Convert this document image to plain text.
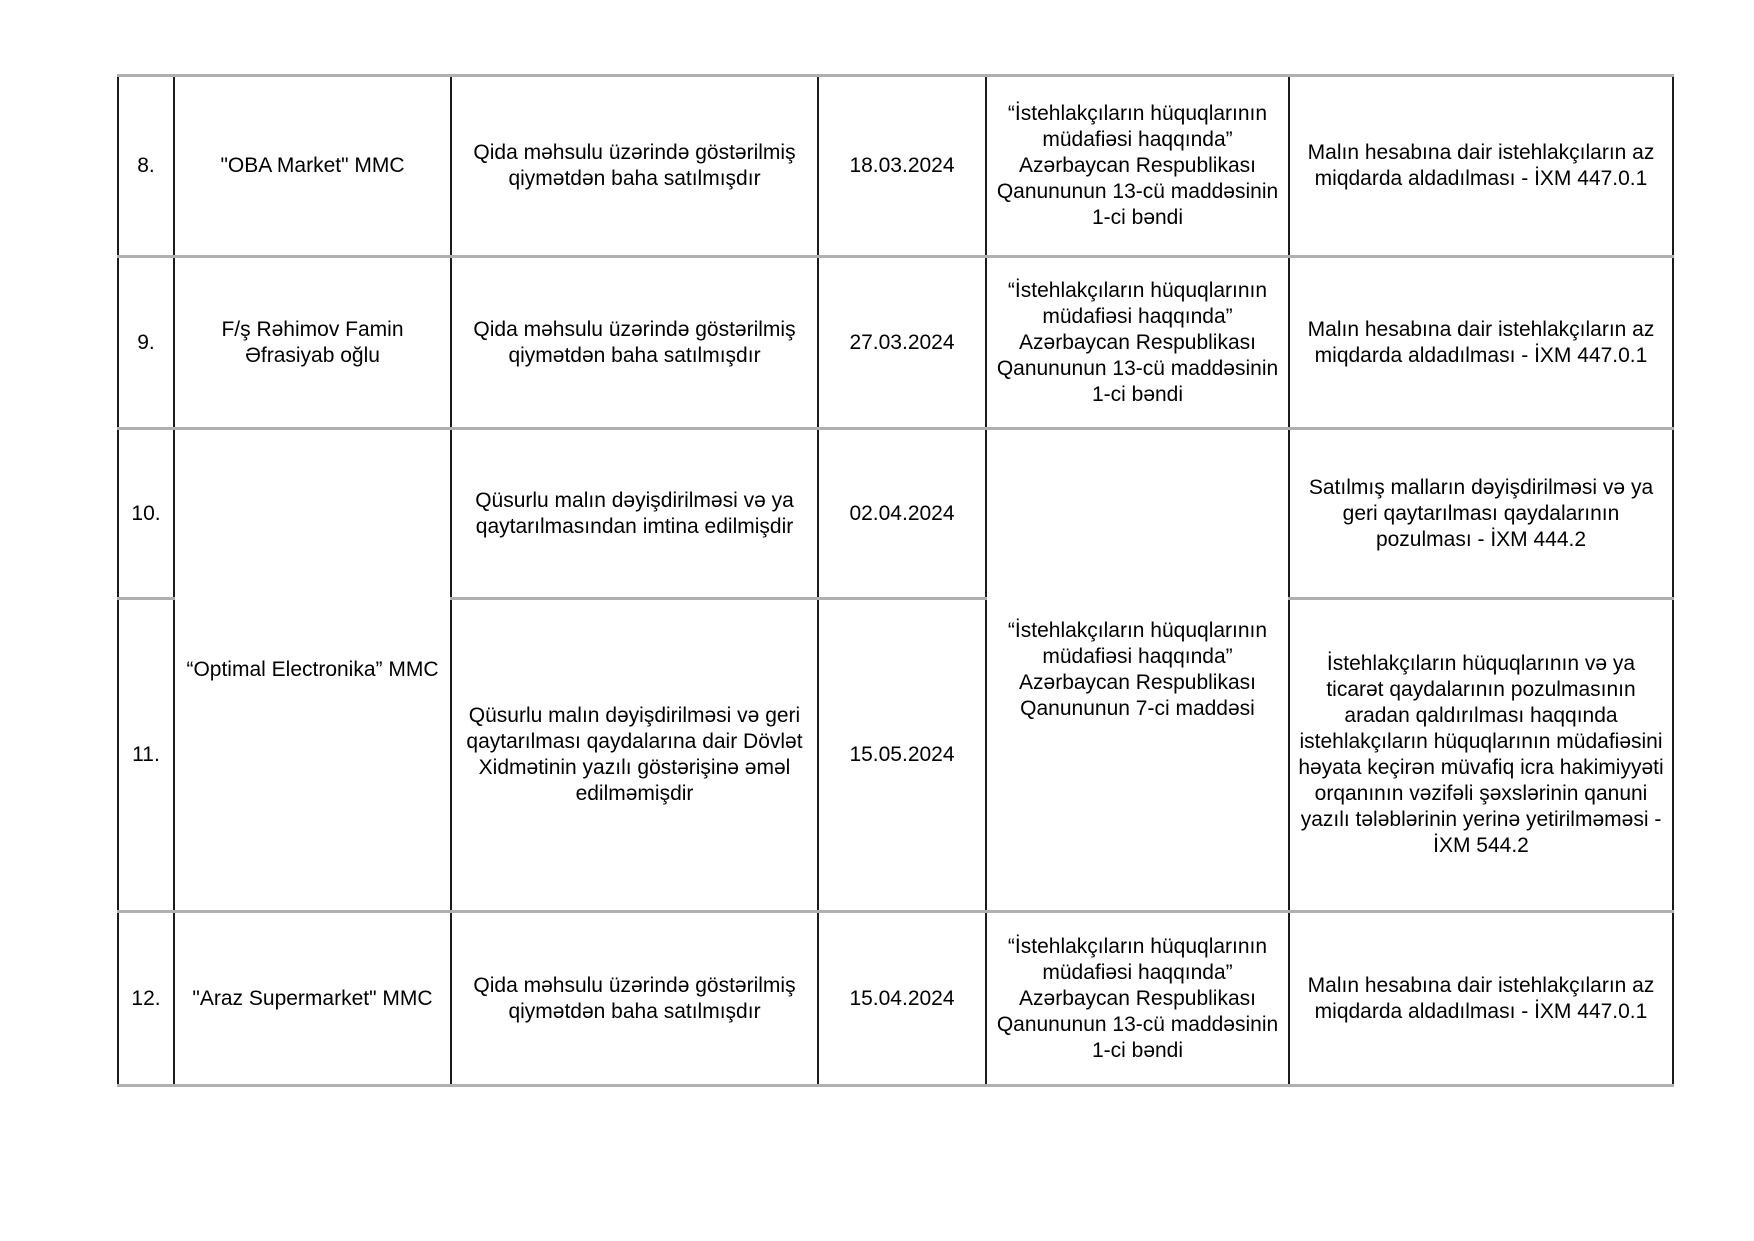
8.	"OBA Market" MMC	Qida məhsulu üzərində göstərilmiş qiymətdən baha satılmışdır	18.03.2024	“İstehlakçıların hüquqlarının müdafiəsi haqqında” Azərbaycan Respublikası Qanununun 13-cü maddəsinin 1-ci bəndi	Malın hesabına dair istehlakçıların az miqdarda aldadılması - İXM 447.0.1
9.	F/ş Rəhimov Famin Əfrasiyab oğlu	Qida məhsulu üzərində göstərilmiş qiymətdən baha satılmışdır	27.03.2024	“İstehlakçıların hüquqlarının müdafiəsi haqqında” Azərbaycan Respublikası Qanununun 13-cü maddəsinin 1-ci bəndi	Malın hesabına dair istehlakçıların az miqdarda aldadılması - İXM 447.0.1
10.	“Optimal Electronika” MMC	Qüsurlu malın dəyişdirilməsi və ya qaytarılmasından imtina edilmişdir	02.04.2024	“İstehlakçıların hüquqlarının müdafiəsi haqqında” Azərbaycan Respublikası Qanununun 7-ci maddəsi	Satılmış malların dəyişdirilməsi və ya geri qaytarılması qaydalarının pozulması - İXM 444.2
11.		Qüsurlu malın dəyişdirilməsi və geri qaytarılması qaydalarına dair Dövlət Xidmətinin yazılı göstərişinə əməl edilməmişdir	15.05.2024		İstehlakçıların hüquqlarının və ya ticarət qaydalarının pozulmasının aradan qaldırılması haqqında istehlakçıların hüquqlarının müdafiəsini həyata keçirən müvafiq icra hakimiyyəti orqanının vəzifəli şəxslərinin qanuni yazılı tələblərinin yerinə yetirilməməsi - İXM 544.2
12.	"Araz Supermarket" MMC	Qida məhsulu üzərində göstərilmiş qiymətdən baha satılmışdır	15.04.2024	“İstehlakçıların hüquqlarının müdafiəsi haqqında” Azərbaycan Respublikası Qanununun 13-cü maddəsinin 1-ci bəndi	Malın hesabına dair istehlakçıların az miqdarda aldadılması - İXM 447.0.1
